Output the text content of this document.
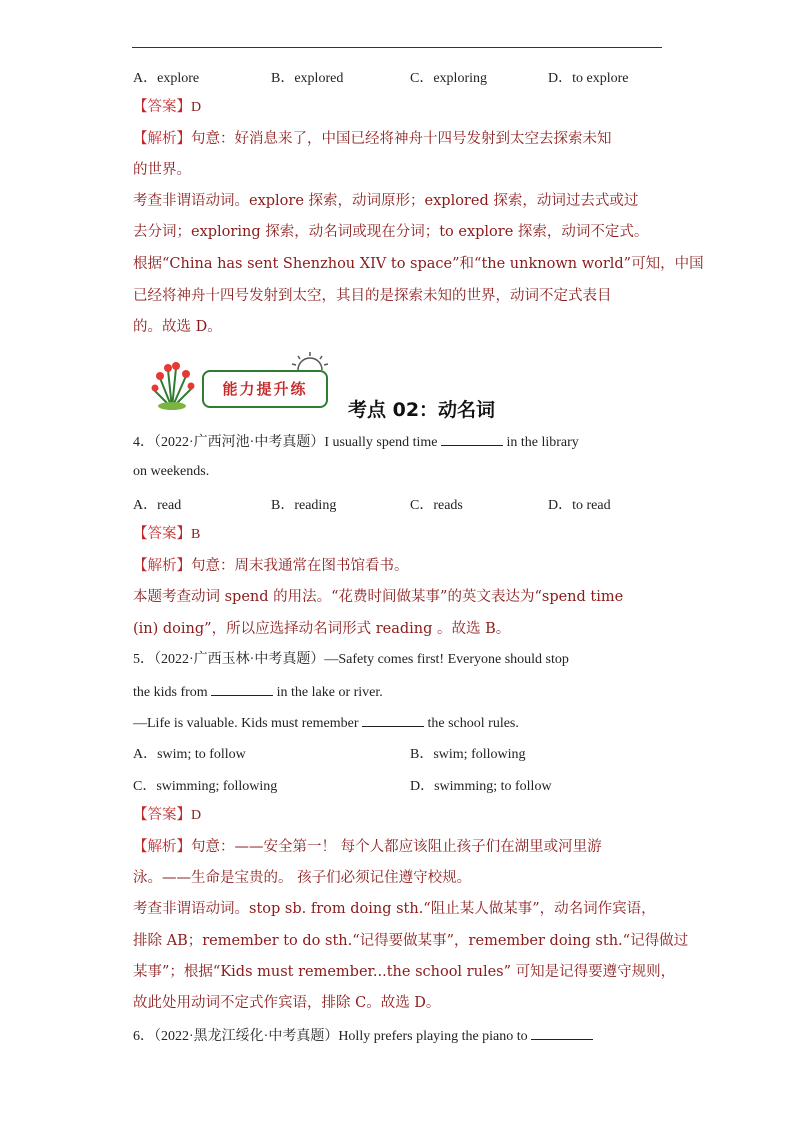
A．explore	B．explored	C．exploring	D．to explore
【答案】D
【解析】句意：好消息来了，中国已经将神舟十四号发射到太空去探索未知
的世界。
考查非谓语动词。explore 探索，动词原形；explored 探索，动词过去式或过
去分词；exploring 探索，动名词或现在分词；to explore 探索，动词不定式。
根据“China has sent Shenzhou XIV to space”和“the unknown world”可知，中国
已经将神舟十四号发射到太空，其目的是探索未知的世界，动词不定式表目
的。故选 D。
能力提升练
考点 02：动名词
4．（2022·广西河池·中考真题）I usually spend time	in the library
on weekends.
A．read	B．reading	C．reads	D．to read
【答案】B
【解析】句意：周末我通常在图书馆看书。
本题考查动词 spend 的用法。“花费时间做某事”的英文表达为“spend time
(in) doing”，所以应选择动名词形式 reading 。故选 B。
5．（2022·广西玉林·中考真题）—Safety comes first! Everyone should stop
the kids from	in the lake or river.
—Life is valuable. Kids must remember	the school rules.
A．swim; to follow	B．swim; following
C．swimming; following	D．swimming; to follow
【答案】D
【解析】句意：——安全第一！ 每个人都应该阻止孩子们在湖里或河里游
泳。——生命是宝贵的。 孩子们必须记住遵守校规。
考查非谓语动词。stop sb. from doing sth.“阻止某人做某事”，动名词作宾语，
排除 AB；remember to do sth.“记得要做某事”，remember doing sth.“记得做过
某事”；根据“Kids must remember...the school rules” 可知是记得要遵守规则，
故此处用动词不定式作宾语，排除 C。故选 D。
6．（2022·黑龙江绥化·中考真题）Holly prefers playing the piano to
